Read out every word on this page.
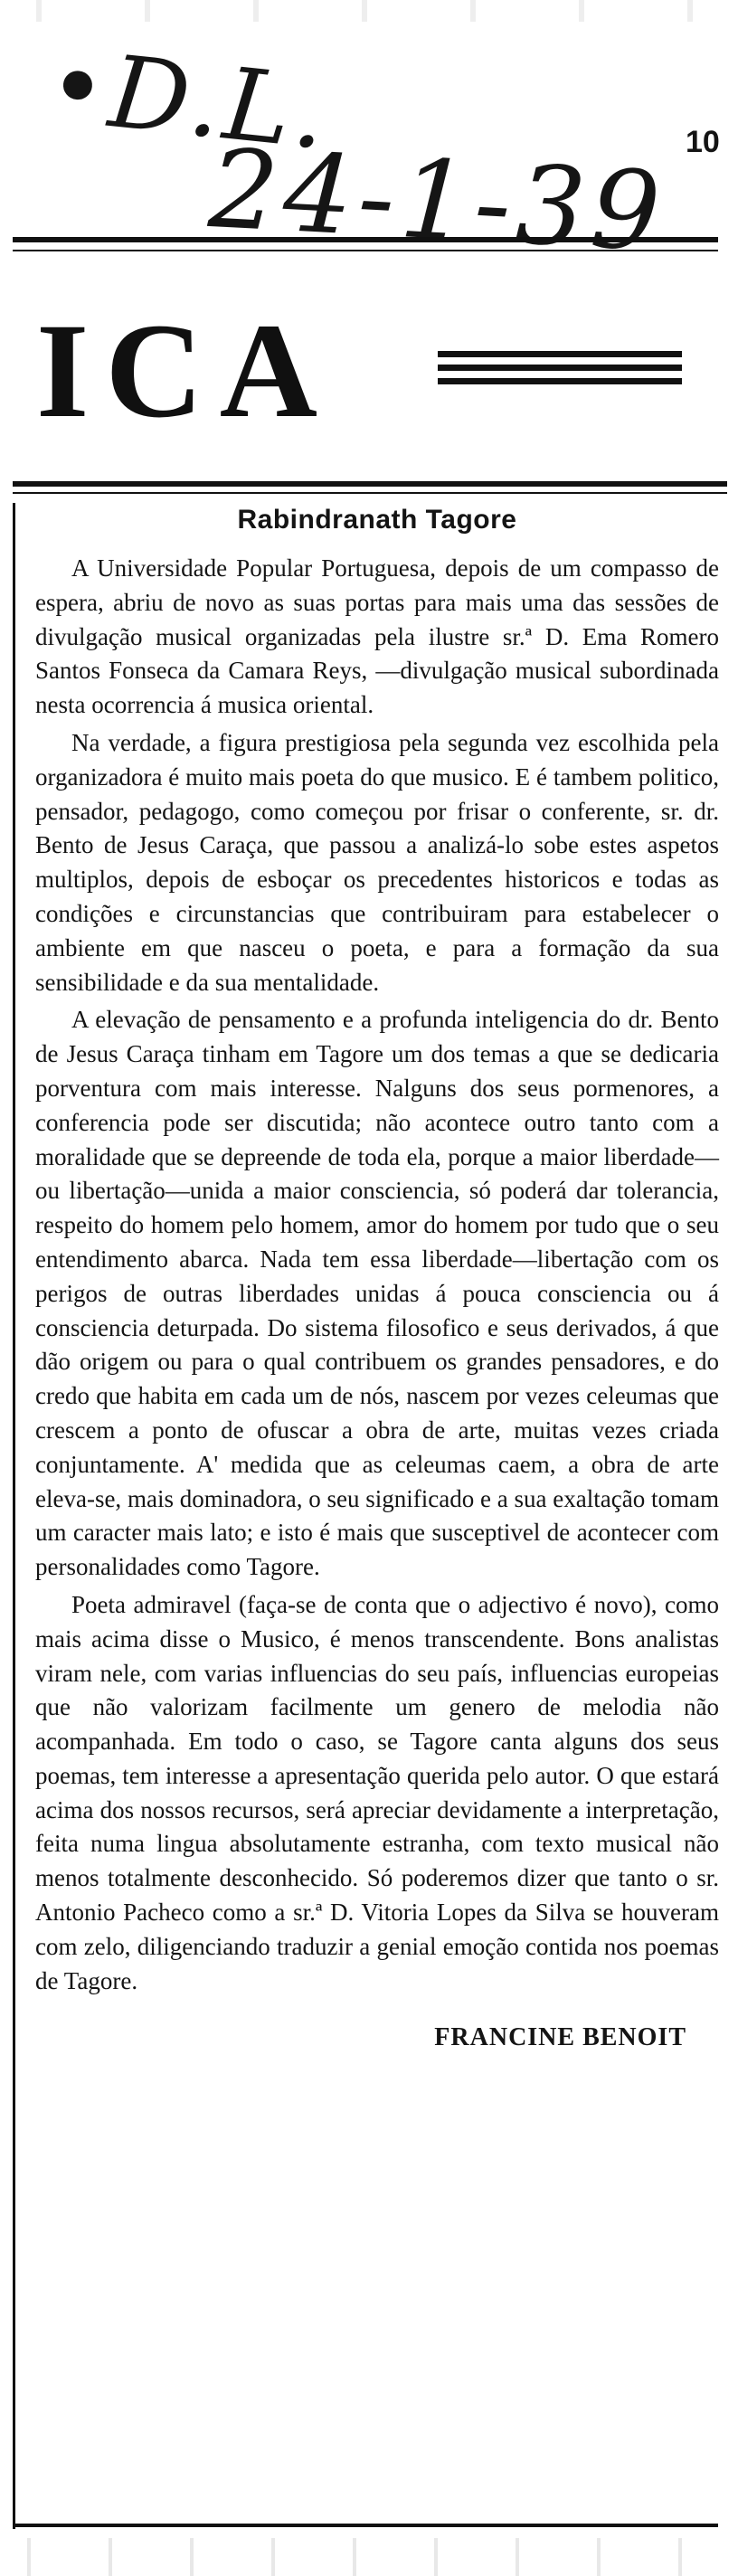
•D.L.
24-1-39 10
ICA
Rabindranath Tagore

A Universidade Popular Portuguesa, depois de um compasso de espera, abriu de novo as suas portas para mais uma das sessões de divulgação musical organizadas pela ilustre sr.ª D. Ema Romero Santos Fonseca da Camara Reys, —divulgação musical subordinada nesta ocorrencia á musica oriental.

Na verdade, a figura prestigiosa pela segunda vez escolhida pela organizadora é muito mais poeta do que musico. E é tambem politico, pensador, pedagogo, como começou por frisar o conferente, sr. dr. Bento de Jesus Caraça, que passou a analizá-lo sobe estes aspetos multiplos, depois de esboçar os precedentes historicos e todas as condições e circunstancias que contribuiram para estabelecer o ambiente em que nasceu o poeta, e para a formação da sua sensibilidade e da sua mentalidade.

A elevação de pensamento e a profunda inteligencia do dr. Bento de Jesus Caraça tinham em Tagore um dos temas a que se dedicaria porventura com mais interesse. Nalguns dos seus pormenores, a conferencia pode ser discutida; não acontece outro tanto com a moralidade que se depreende de toda ela, porque a maior liberdade—ou libertação—unida a maior consciencia, só poderá dar tolerancia, respeito do homem pelo homem, amor do homem por tudo que o seu entendimento abarca. Nada tem essa liberdade—libertação com os perigos de outras liberdades unidas á pouca consciencia ou á consciencia deturpada. Do sistema filosofico e seus derivados, á que dão origem ou para o qual contribuem os grandes pensadores, e do credo que habita em cada um de nós, nascem por vezes celeumas que crescem a ponto de ofuscar a obra de arte, muitas vezes criada conjuntamente. A' medida que as celeumas caem, a obra de arte eleva-se, mais dominadora, o seu significado e a sua exaltação tomam um caracter mais lato; e isto é mais que susceptivel de acontecer com personalidades como Tagore.

Poeta admiravel (faça-se de conta que o adjectivo é novo), como mais acima disse o Musico, é menos transcendente. Bons analistas viram nele, com varias influencias do seu país, influencias europeias que não valorizam facilmente um genero de melodia não acompanhada. Em todo o caso, se Tagore canta alguns dos seus poemas, tem interesse a apresentação querida pelo autor. O que estará acima dos nossos recursos, será apreciar devidamente a interpretação, feita numa lingua absolutamente estranha, com texto musical não menos totalmente desconhecido. Só poderemos dizer que tanto o sr. Antonio Pacheco como a sr.ª D. Vitoria Lopes da Silva se houveram com zelo, diligenciando traduzir a genial emoção contida nos poemas de Tagore.

FRANCINE BENOIT
